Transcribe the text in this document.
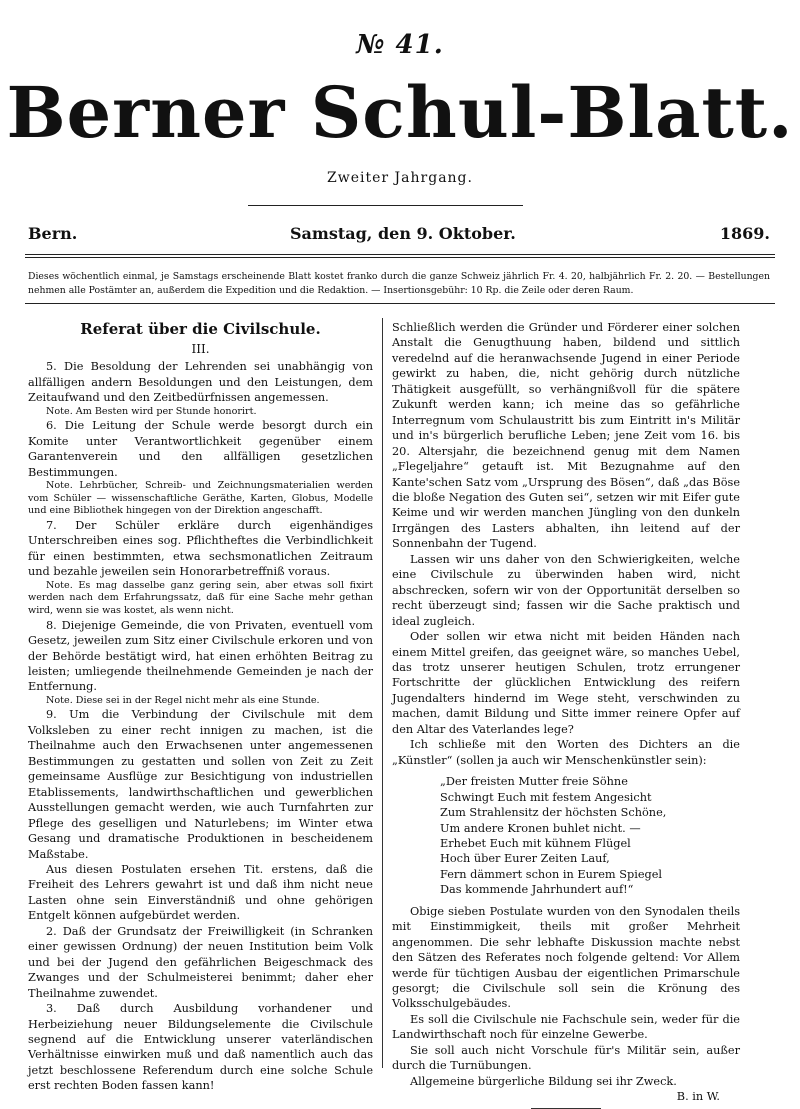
№ 41.
Berner Schul-Blatt.
Zweiter Jahrgang.
Bern.	Samstag, den 9. Oktober.	1869.
Dieses wöchentlich einmal, je Samstags erscheinende Blatt kostet franko durch die ganze Schweiz jährlich Fr. 4. 20, halbjährlich Fr. 2. 20. — Bestellungen nehmen alle Postämter an, außerdem die Expedition und die Redaktion. — Insertionsgebühr: 10 Rp. die Zeile oder deren Raum.
Referat über die Civilschule.
III.

5. Die Besoldung der Lehrenden sei unabhängig von allfälligen andern Besoldungen und den Leistungen, dem Zeitaufwand und den Zeitbedürfnissen angemessen.

Note. Am Besten wird per Stunde honorirt.

6. Die Leitung der Schule werde besorgt durch ein Komite unter Verantwortlichkeit gegenüber einem Garantenverein und den allfälligen gesetzlichen Bestimmungen.

Note. Lehrbücher, Schreib- und Zeichnungsmaterialien werden vom Schüler — wissenschaftliche Geräthe, Karten, Globus, Modelle und eine Bibliothek hingegen von der Direktion angeschafft.

7. Der Schüler erkläre durch eigenhändiges Unterschreiben eines sog. Pflichtheftes die Verbindlichkeit für einen bestimmten, etwa sechsmonatlichen Zeitraum und bezahle jeweilen sein Honorarbetreffniß voraus.

Note. Es mag dasselbe ganz gering sein, aber etwas soll fixirt werden nach dem Erfahrungssatz, daß für eine Sache mehr gethan wird, wenn sie was kostet, als wenn nicht.

8. Diejenige Gemeinde, die von Privaten, eventuell vom Gesetz, jeweilen zum Sitz einer Civilschule erkoren und von der Behörde bestätigt wird, hat einen erhöhten Beitrag zu leisten; umliegende theilnehmende Gemeinden je nach der Entfernung.

Note. Diese sei in der Regel nicht mehr als eine Stunde.

9. Um die Verbindung der Civilschule mit dem Volksleben zu einer recht innigen zu machen, ist die Theilnahme auch den Erwachsenen unter angemessenen Bestimmungen zu gestatten und sollen von Zeit zu Zeit gemeinsame Ausflüge zur Besichtigung von industriellen Etablissements, landwirthschaftlichen und gewerblichen Ausstellungen gemacht werden, wie auch Turnfahrten zur Pflege des geselligen und Naturlebens; im Winter etwa Gesang und dramatische Produktionen in bescheidenem Maßstabe.

Aus diesen Postulaten ersehen Tit. erstens, daß die Freiheit des Lehrers gewahrt ist und daß ihm nicht neue Lasten ohne sein Einverständniß und ohne gehörigen Entgelt können aufgebürdet werden.

2. Daß der Grundsatz der Freiwilligkeit (in Schranken einer gewissen Ordnung) der neuen Institution beim Volk und bei der Jugend den gefährlichen Beigeschmack des Zwanges und der Schulmeisterei benimmt; daher eher Theilnahme zuwendet.

3. Daß durch Ausbildung vorhandener und Herbeiziehung neuer Bildungselemente die Civilschule segnend auf die Entwicklung unserer vaterländischen Verhältnisse einwirken muß und daß namentlich auch das jetzt beschlossene Referendum durch eine solche Schule erst rechten Boden fassen kann!

Schließlich werden die Gründer und Förderer einer solchen Anstalt die Genugthuung haben, bildend und sittlich veredelnd auf die heranwachsende Jugend in einer Periode gewirkt zu haben, die, nicht gehörig durch nützliche Thätigkeit ausgefüllt, so verhängnißvoll für die spätere Zukunft werden kann; ich meine das so gefährliche Interregnum vom Schulaustritt bis zum Eintritt in's Militär und in's bürgerlich berufliche Leben; jene Zeit vom 16. bis 20. Altersjahr, die bezeichnend genug mit dem Namen „Flegeljahre“ getauft ist. Mit Bezugnahme auf den Kante'schen Satz vom „Ursprung des Bösen“, daß „das Böse die bloße Negation des Guten sei“, setzen wir mit Eifer gute Keime und wir werden manchen Jüngling von den dunkeln Irrgängen des Lasters abhalten, ihn leitend auf der Sonnenbahn der Tugend.

Lassen wir uns daher von den Schwierigkeiten, welche eine Civilschule zu überwinden haben wird, nicht abschrecken, sofern wir von der Opportunität derselben so recht überzeugt sind; fassen wir die Sache praktisch und ideal zugleich.

Oder sollen wir etwa nicht mit beiden Händen nach einem Mittel greifen, das geeignet wäre, so manches Uebel, das trotz unserer heutigen Schulen, trotz errungener Fortschritte der glücklichen Entwicklung des reifern Jugendalters hindernd im Wege steht, verschwinden zu machen, damit Bildung und Sitte immer reinere Opfer auf den Altar des Vaterlandes lege?

Ich schließe mit den Worten des Dichters an die „Künstler“ (sollen ja auch wir Menschenkünstler sein):

„Der freisten Mutter freie Söhne
Schwingt Euch mit festem Angesicht
Zum Strahlensitz der höchsten Schöne,
Um andere Kronen buhlet nicht. —
Erhebet Euch mit kühnem Flügel
Hoch über Eurer Zeiten Lauf,
Fern dämmert schon in Eurem Spiegel
Das kommende Jahrhundert auf!“

Obige sieben Postulate wurden von den Synodalen theils mit Einstimmigkeit, theils mit großer Mehrheit angenommen. Die sehr lebhafte Diskussion machte nebst den Sätzen des Referates noch folgende geltend: Vor Allem werde für tüchtigen Ausbau der eigentlichen Primarschule gesorgt; die Civilschule soll sein die Krönung des Volksschulgebäudes.

Es soll die Civilschule nie Fachschule sein, weder für die Landwirthschaft noch für einzelne Gewerbe.

Sie soll auch nicht Vorschule für's Militär sein, außer durch die Turnübungen.

Allgemeine bürgerliche Bildung sei ihr Zweck.

B. in W.
